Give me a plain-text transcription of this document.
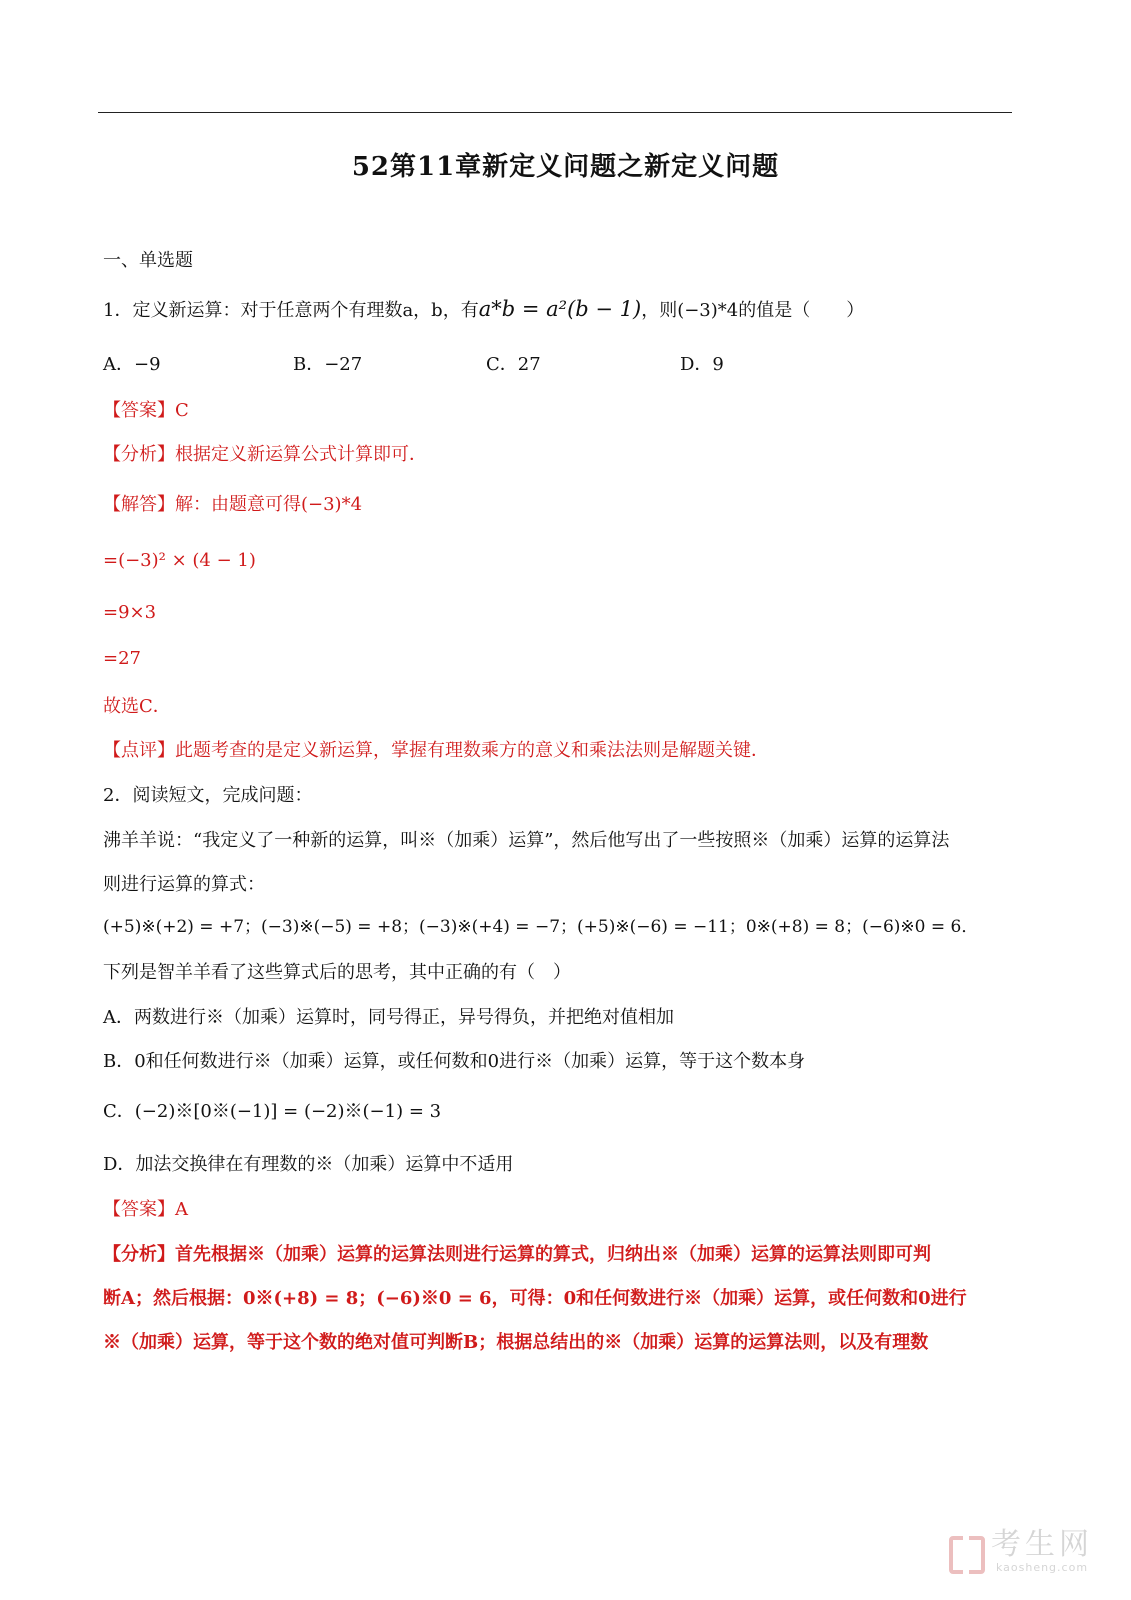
52第11章新定义问题之新定义问题
一、单选题
1．定义新运算：对于任意两个有理数a，b，有a*b = a²(b − 1)，则(−3)*4的值是（　　）
A．−9	B．−27	C．27	D．9
【答案】C
【分析】根据定义新运算公式计算即可．
【解答】解：由题意可得(−3)*4
=(−3)² × (4 − 1)
=9×3
=27
故选C．
【点评】此题考查的是定义新运算，掌握有理数乘方的意义和乘法法则是解题关键．
2．阅读短文，完成问题：
沸羊羊说：“我定义了一种新的运算，叫※（加乘）运算”，然后他写出了一些按照※（加乘）运算的运算法
则进行运算的算式：
(+5)※(+2) = +7；(−3)※(−5) = +8；(−3)※(+4) = −7；(+5)※(−6) = −11；0※(+8) = 8；(−6)※0 = 6．
下列是智羊羊看了这些算式后的思考，其中正确的有（　）
A．两数进行※（加乘）运算时，同号得正，异号得负，并把绝对值相加
B．0和任何数进行※（加乘）运算，或任何数和0进行※（加乘）运算，等于这个数本身
C．(−2)※[0※(−1)] = (−2)※(−1) = 3
D．加法交换律在有理数的※（加乘）运算中不适用
【答案】A
【分析】首先根据※（加乘）运算的运算法则进行运算的算式，归纳出※（加乘）运算的运算法则即可判
断A；然后根据：0※(+8) = 8；(−6)※0 = 6，可得：0和任何数进行※（加乘）运算，或任何数和0进行
※（加乘）运算，等于这个数的绝对值可判断B；根据总结出的※（加乘）运算的运算法则，以及有理数
考生网
kaosheng.com
